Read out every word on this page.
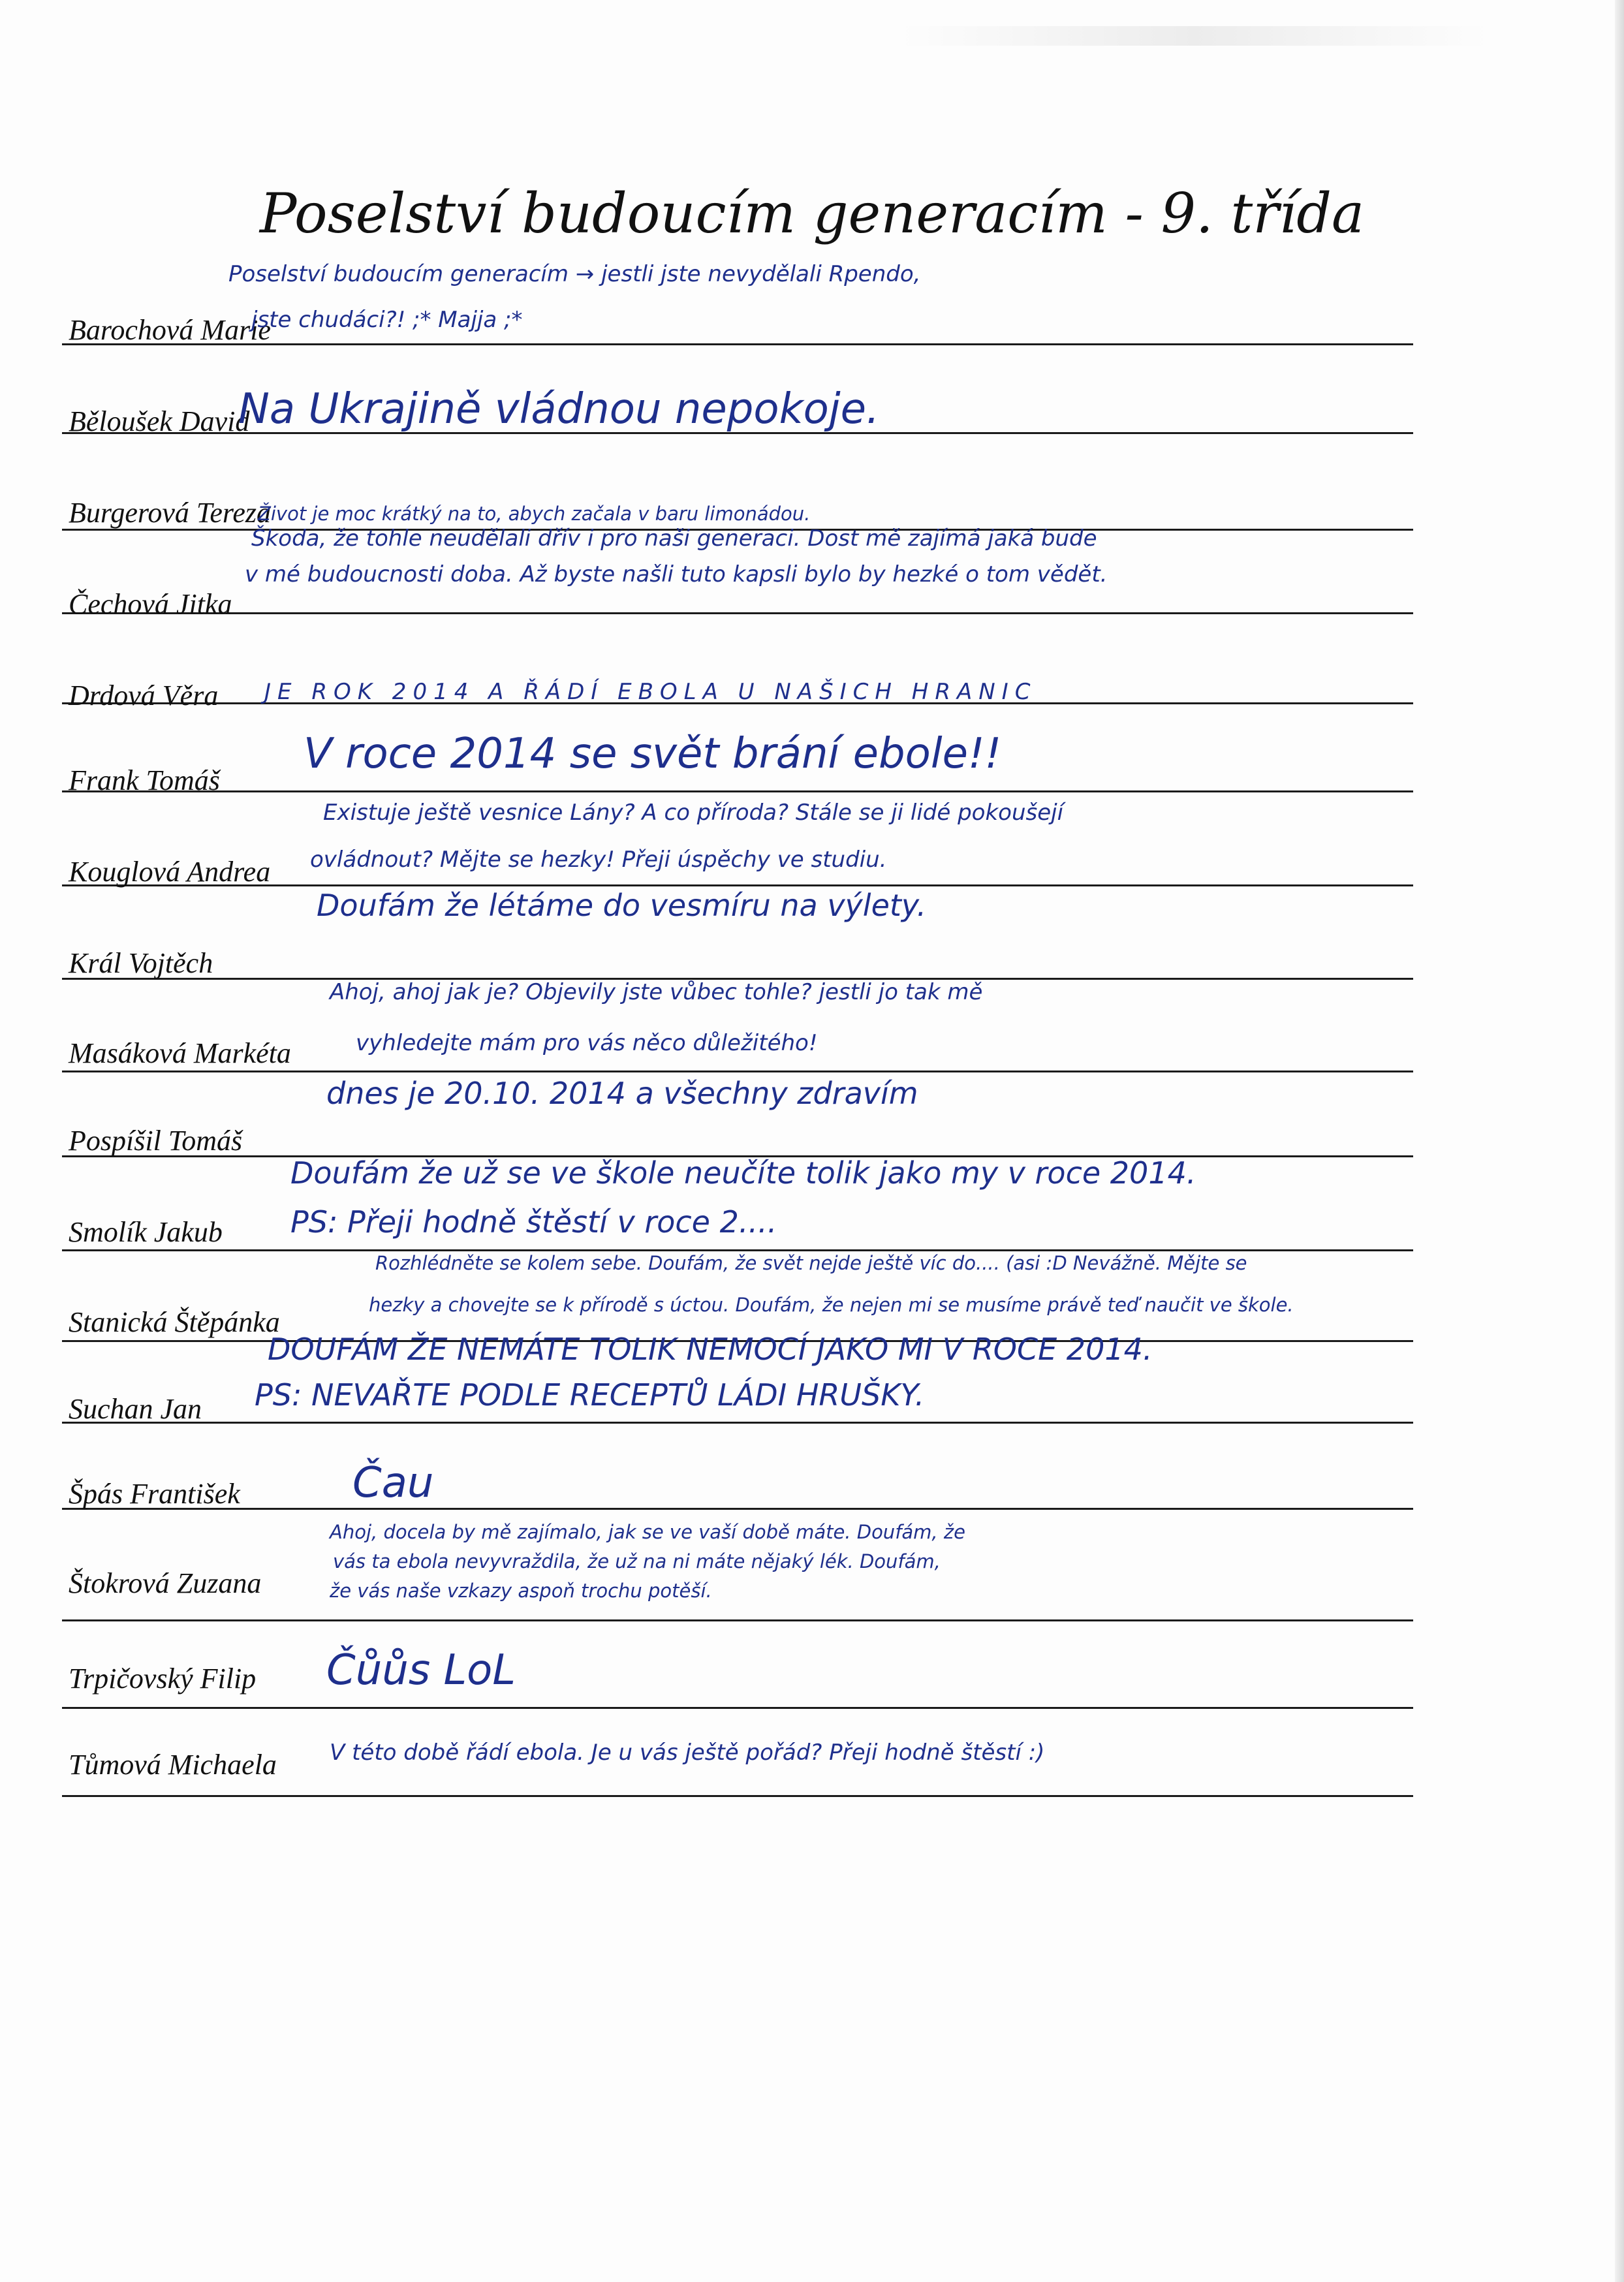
Poselství budoucím generacím - 9. třída
Barochová Marie
Poselství budoucím generacím → jestli jste nevydělali Rpendo,
jste chudáci?! ;* Majja ;*
Běloušek David
Na Ukrajině vládnou nepokoje.
Burgerová Tereza
Život je moc krátký na to, abych začala v baru limonádou.
Čechová Jitka
Škoda, že tohle neudělali dřív i pro naši generaci. Dost mě zajímá jaká bude
v mé budoucnosti doba. Až byste našli tuto kapsli bylo by hezké o tom vědět.
Drdová Věra JE ROK 2014 A ŘÁDÍ EBOLA U NAŠICH HRANIC
Frank Tomáš
V roce 2014 se svět brání ebole!!
Kouglová Andrea
Existuje ještě vesnice Lány? A co příroda? Stále se ji lidé pokoušejí
ovládnout? Mějte se hezky! Přeji úspěchy ve studiu.
Král Vojtěch
Doufám že létáme do vesmíru na výlety.
Masáková Markéta
Ahoj, ahoj jak je? Objevily jste vůbec tohle? jestli jo tak mě
vyhledejte mám pro vás něco důležitého!
Pospíšil Tomáš
dnes je 20.10. 2014 a všechny zdravím
Smolík Jakub
Doufám že už se ve škole neučíte tolik jako my v roce 2014.
PS: Přeji hodně štěstí v roce 2....
Stanická Štěpánka
Rozhlédněte se kolem sebe. Doufám, že svět nejde ještě víc do.... (asi :D Nevážně. Mějte se
hezky a chovejte se k přírodě s úctou. Doufám, že nejen mi se musíme právě teď naučit ve škole.
Suchan Jan
DOUFÁM ŽE NEMÁTE TOLIK NEMOCÍ JAKO MI V ROCE 2014.
PS: NEVAŘTE PODLE RECEPTŮ LÁDI HRUŠKY.
Špás František	Čau
Štokrová Zuzana
Ahoj, docela by mě zajímalo, jak se ve vaší době máte. Doufám, že
vás ta ebola nevyvraždila, že už na ni máte nějaký lék. Doufám,
že vás naše vzkazy aspoň trochu potěší.
Trpičovský Filip Čůůs LoL
Tůmová Michaela V této době řádí ebola. Je u vás ještě pořád? Přeji hodně štěstí :)
